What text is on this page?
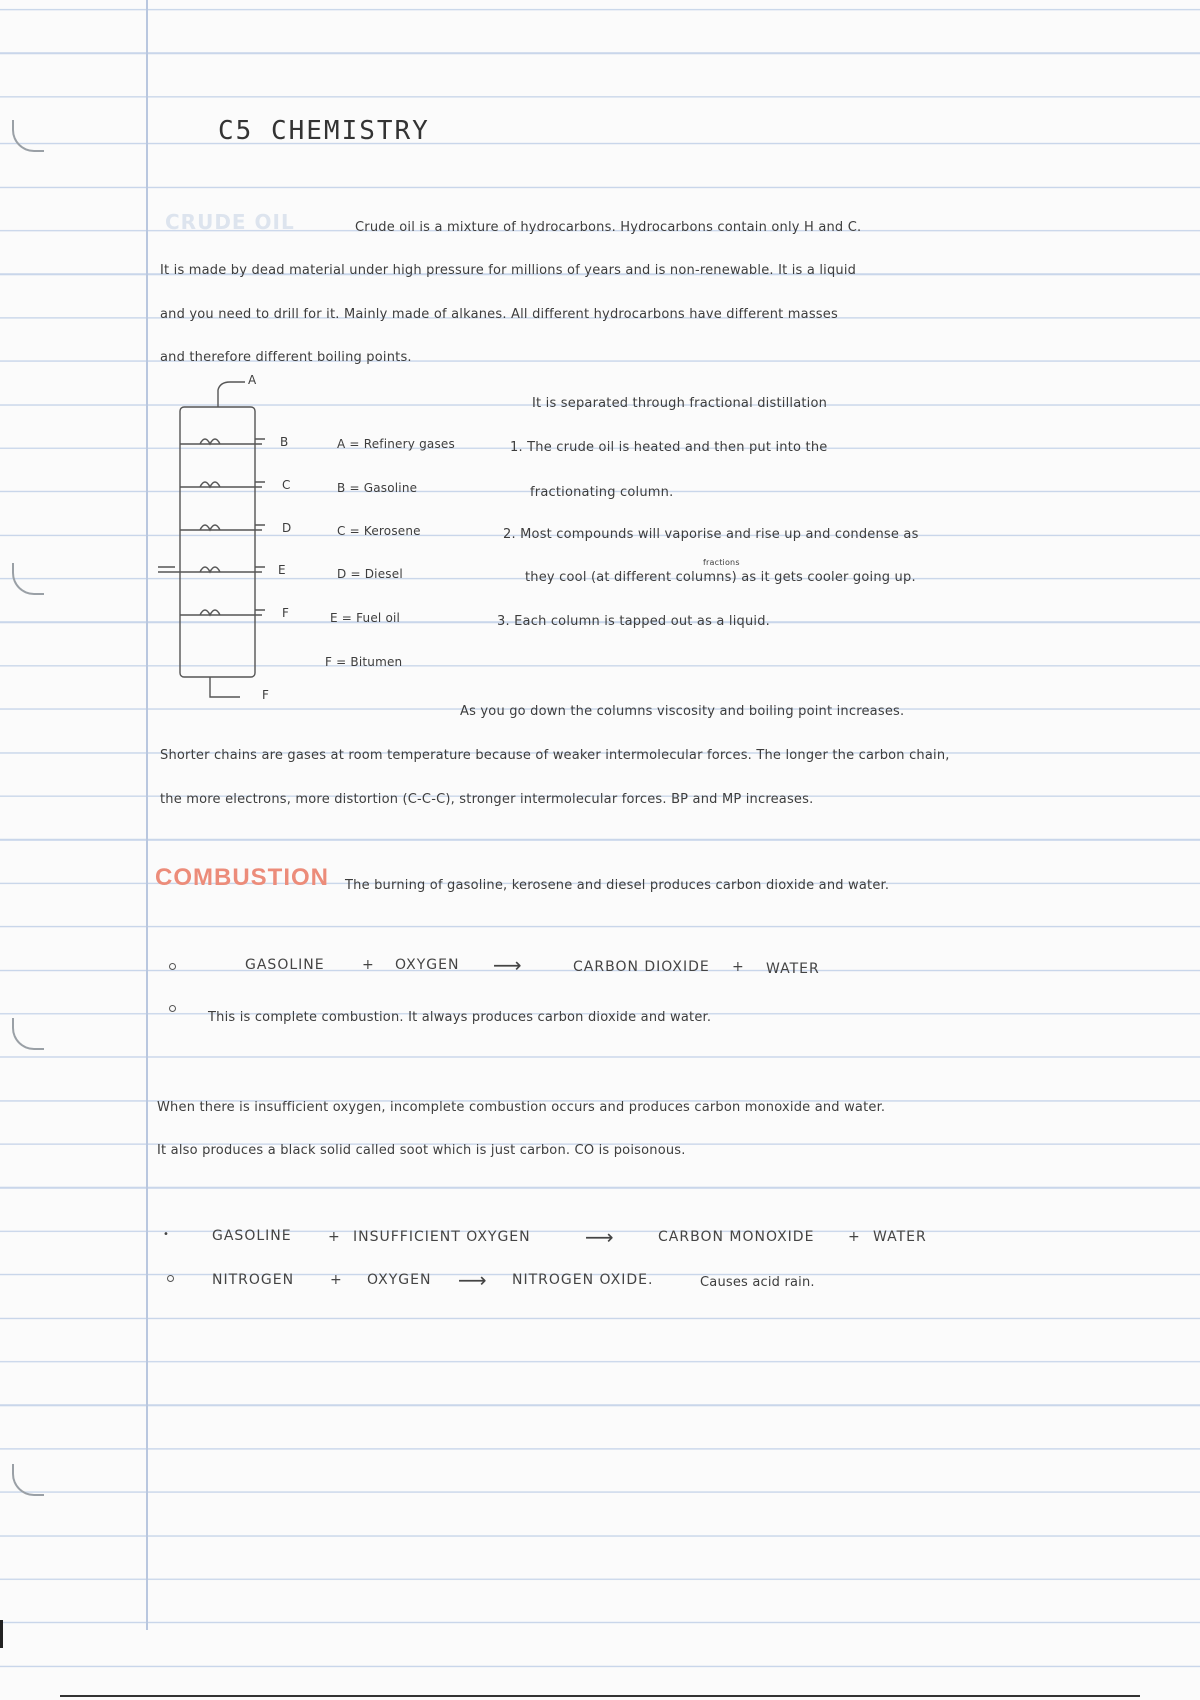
C5 CHEMISTRY
CRUDE OIL	Crude oil is a mixture of hydrocarbons. Hydrocarbons contain only H and C.
It is made by dead material under high pressure for millions of years and is non-renewable. It is a liquid
and you need to drill for it. Mainly made of alkanes. All different hydrocarbons have different masses
and therefore different boiling points.
A
B
C
D
E
F
F
A = Refinery gases
B = Gasoline
C = Kerosene
D = Diesel
E = Fuel oil
F = Bitumen
It is separated through fractional distillation
1. The crude oil is heated and then put into the
fractionating column.
2. Most compounds will vaporise and rise up and condense as
fractions
they cool (at different columns) as it gets cooler going up.
3. Each column is tapped out as a liquid.
As you go down the columns viscosity and boiling point increases.
Shorter chains are gases at room temperature because of weaker intermolecular forces. The longer the carbon chain,
the more electrons, more distortion (C-C-C), stronger intermolecular forces. BP and MP increases.
COMBUSTION The burning of gasoline, kerosene and diesel produces carbon dioxide and water.
GASOLINE	+ OXYGEN ⟶	CARBON DIOXIDE + WATER
This is complete combustion. It always produces carbon dioxide and water.
When there is insufficient oxygen, incomplete combustion occurs and produces carbon monoxide and water.
It also produces a black solid called soot which is just carbon. CO is poisonous.
•	GASOLINE	+ INSUFFICIENT OXYGEN	⟶	CARBON MONOXIDE + WATER
NITROGEN	+ OXYGEN ⟶ NITROGEN OXIDE.	Causes acid rain.
